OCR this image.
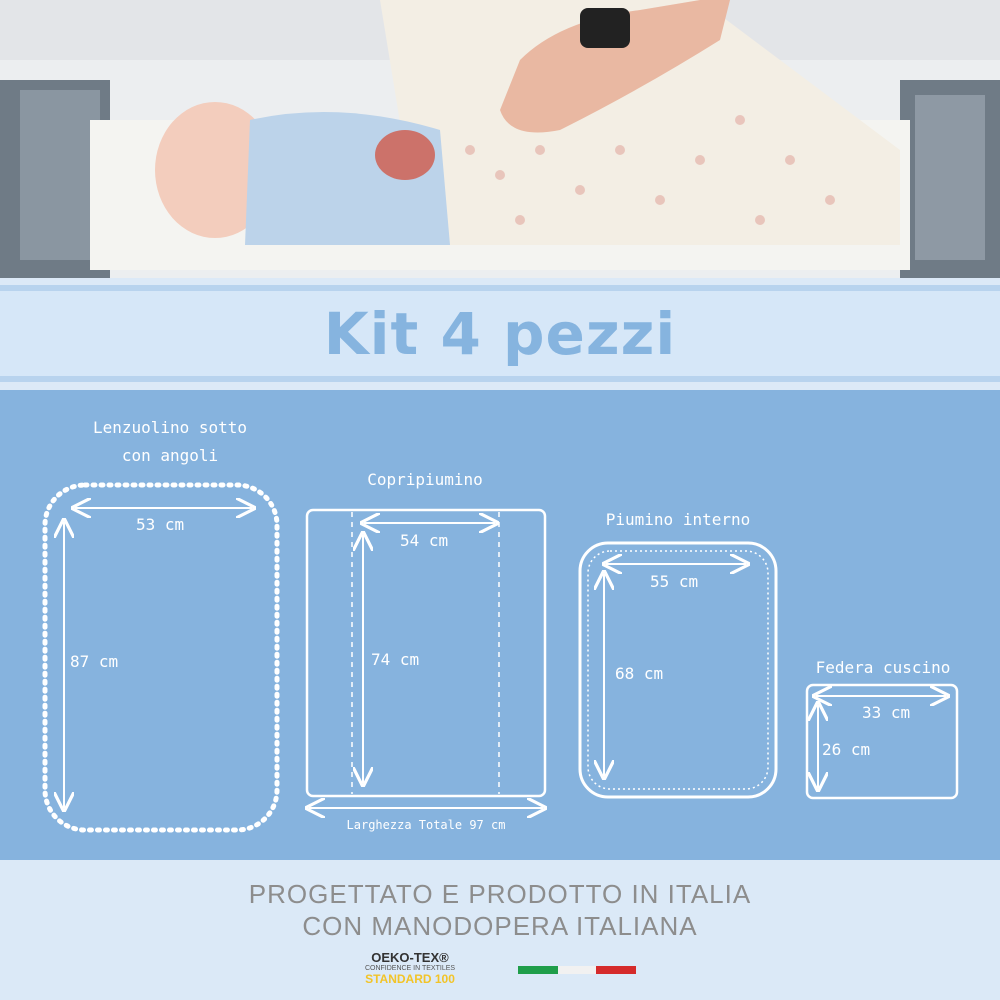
Kit 4 pezzi
Lenzuolino sotto
con angoli
53 cm
87 cm
Copripiumino
54 cm
74 cm
Larghezza Totale 97 cm
Piumino interno
55 cm
68 cm	Federa cuscino
33 cm
26 cm
PROGETTATO E PRODOTTO IN ITALIA
CON MANODOPERA ITALIANA
OEKO-TEX®
CONFIDENCE IN TEXTILES
STANDARD 100
